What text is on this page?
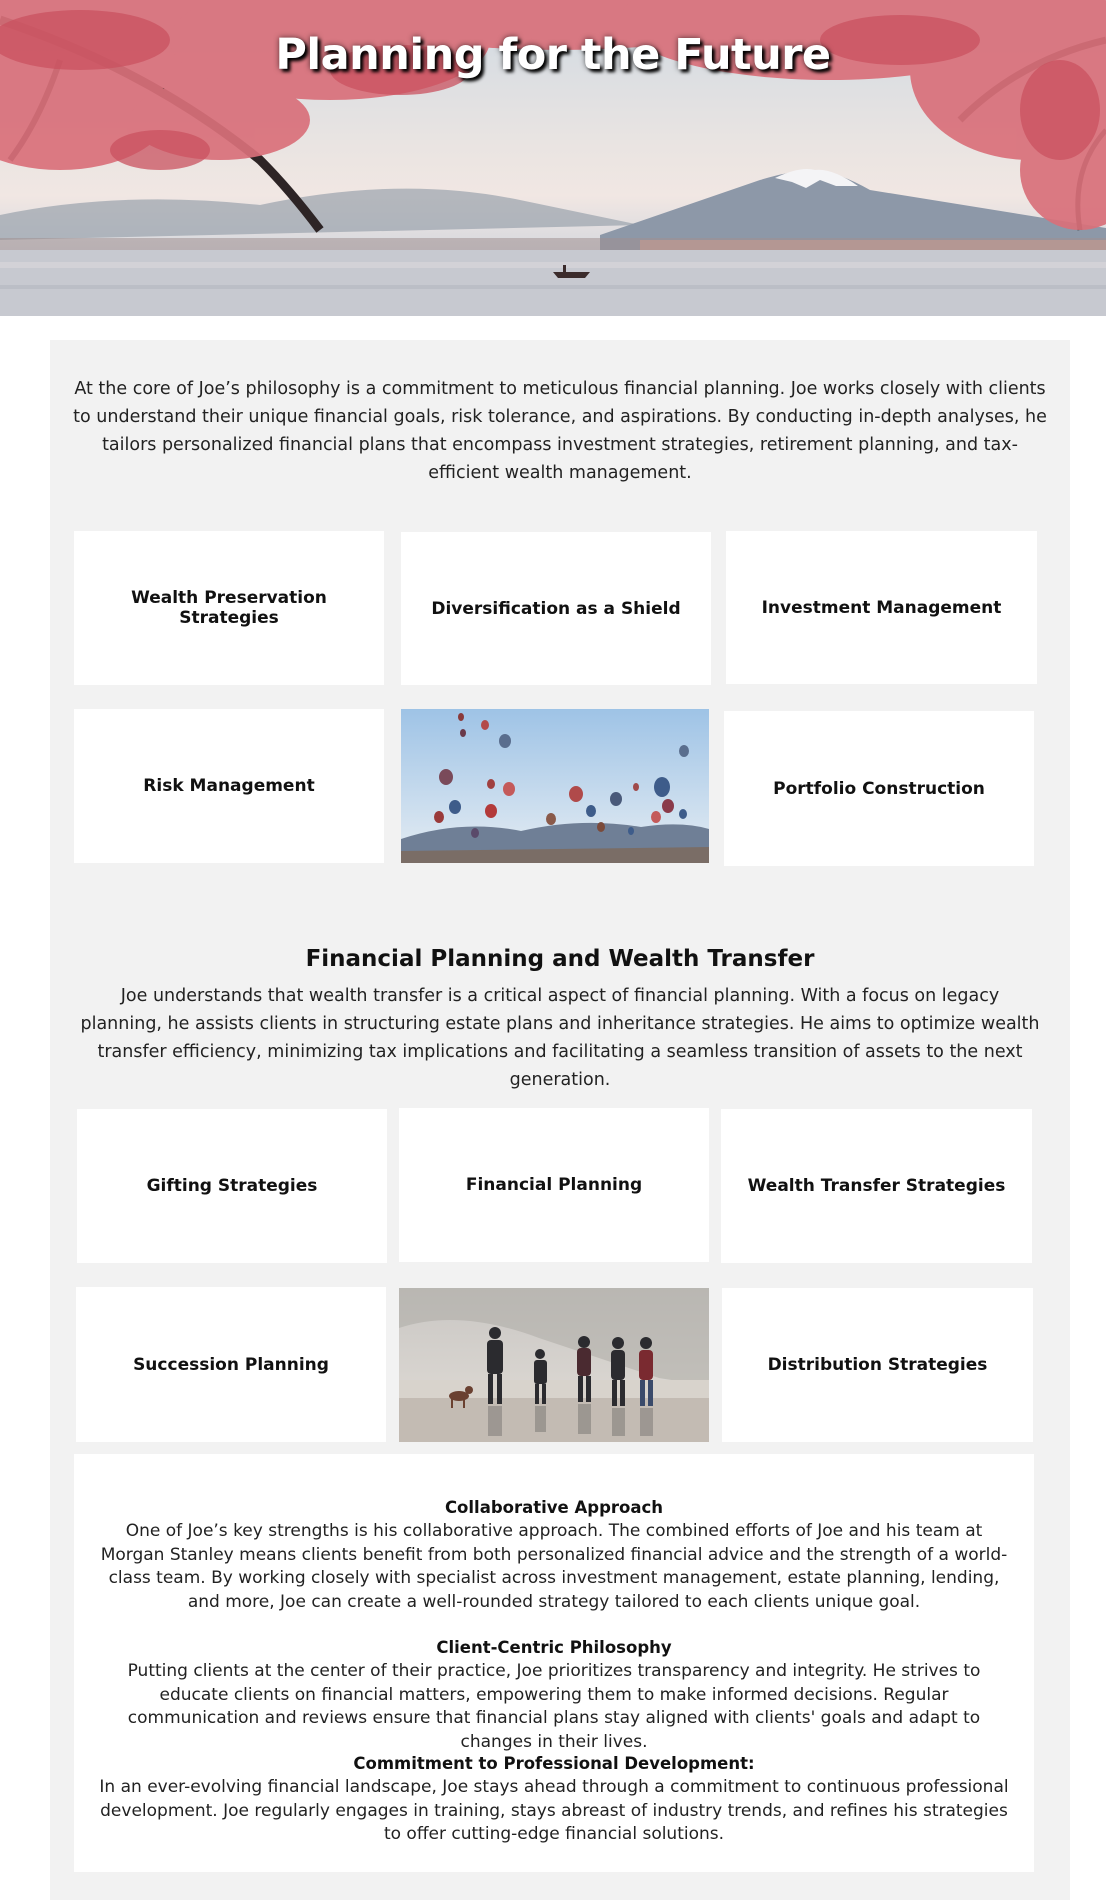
Planning for the Future
At the core of Joe’s philosophy is a commitment to meticulous financial planning. Joe works closely with clients to understand their unique financial goals, risk tolerance, and aspirations. By conducting in-depth analyses, he tailors personalized financial plans that encompass investment strategies, retirement planning, and tax-efficient wealth management.
Wealth Preservation Strategies	Diversification as a Shield	Investment Management
Risk Management	Portfolio Construction
Financial Planning and Wealth Transfer
Joe understands that wealth transfer is a critical aspect of financial planning. With a focus on legacy planning, he assists clients in structuring estate plans and inheritance strategies. He aims to optimize wealth transfer efficiency, minimizing tax implications and facilitating a seamless transition of assets to the next generation.
Gifting Strategies	Financial Planning	Wealth Transfer Strategies
Succession Planning	Distribution Strategies
Collaborative Approach
One of Joe’s key strengths is his collaborative approach. The combined efforts of Joe and his team at Morgan Stanley means clients benefit from both personalized financial advice and the strength of a world-class team. By working closely with specialist across investment management, estate planning, lending, and more, Joe can create a well-rounded strategy tailored to each clients unique goal.
Client-Centric Philosophy
Putting clients at the center of their practice, Joe prioritizes transparency and integrity. He strives to educate clients on financial matters, empowering them to make informed decisions. Regular communication and reviews ensure that financial plans stay aligned with clients' goals and adapt to changes in their lives.
Commitment to Professional Development:
In an ever-evolving financial landscape, Joe stays ahead through a commitment to continuous professional development. Joe regularly engages in training, stays abreast of industry trends, and refines his strategies to offer cutting-edge financial solutions.
